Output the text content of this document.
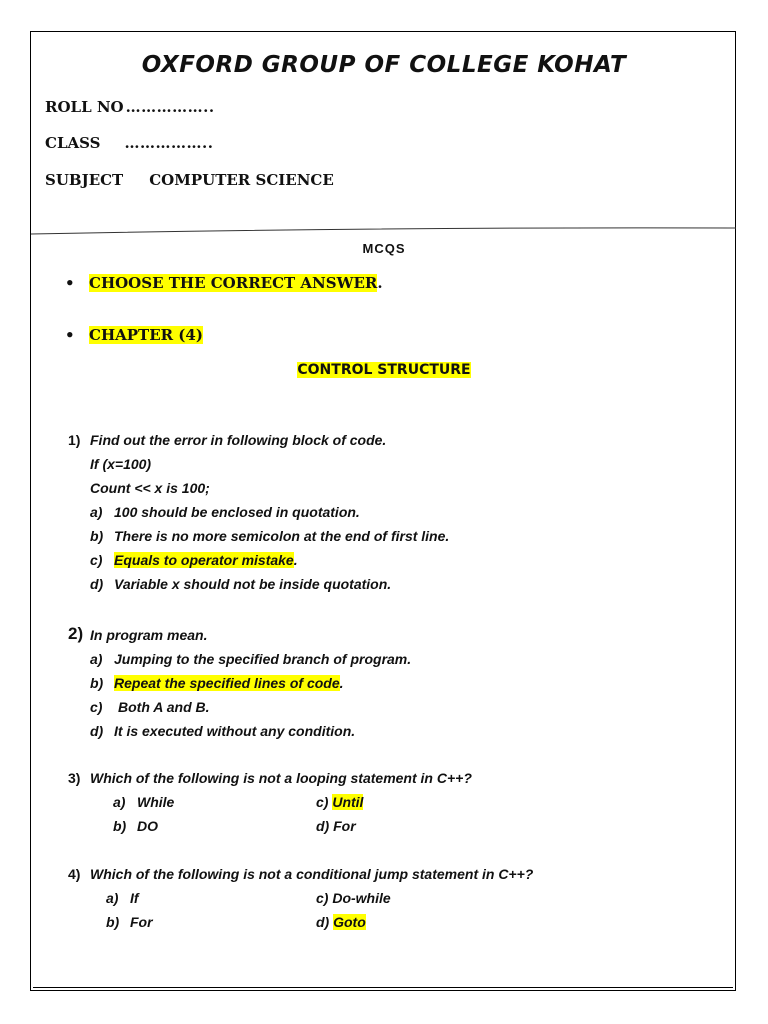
OXFORD GROUP OF COLLEGE KOHAT
ROLL NO ……………..
CLASS ……………..
SUBJECT COMPUTER SCIENCE
MCQS
• CHOOSE THE CORRECT ANSWER.
• CHAPTER (4)
CONTROL STRUCTURE
1) Find out the error in following block of code.
If (x=100)
Count << x is 100;
a) 100 should be enclosed in quotation.
b) There is no more semicolon at the end of first line.
c) Equals to operator mistake.
d) Variable x should not be inside quotation.
2) In program mean.
a) Jumping to the specified branch of program.
b) Repeat the specified lines of code.
c) Both A and B.
d) It is executed without any condition.
3) Which of the following is not a looping statement in C++?
a) While	c) Until
b) DO	d) For
4) Which of the following is not a conditional jump statement in C++?
a) If	c) Do-while
b) For	d) Goto
